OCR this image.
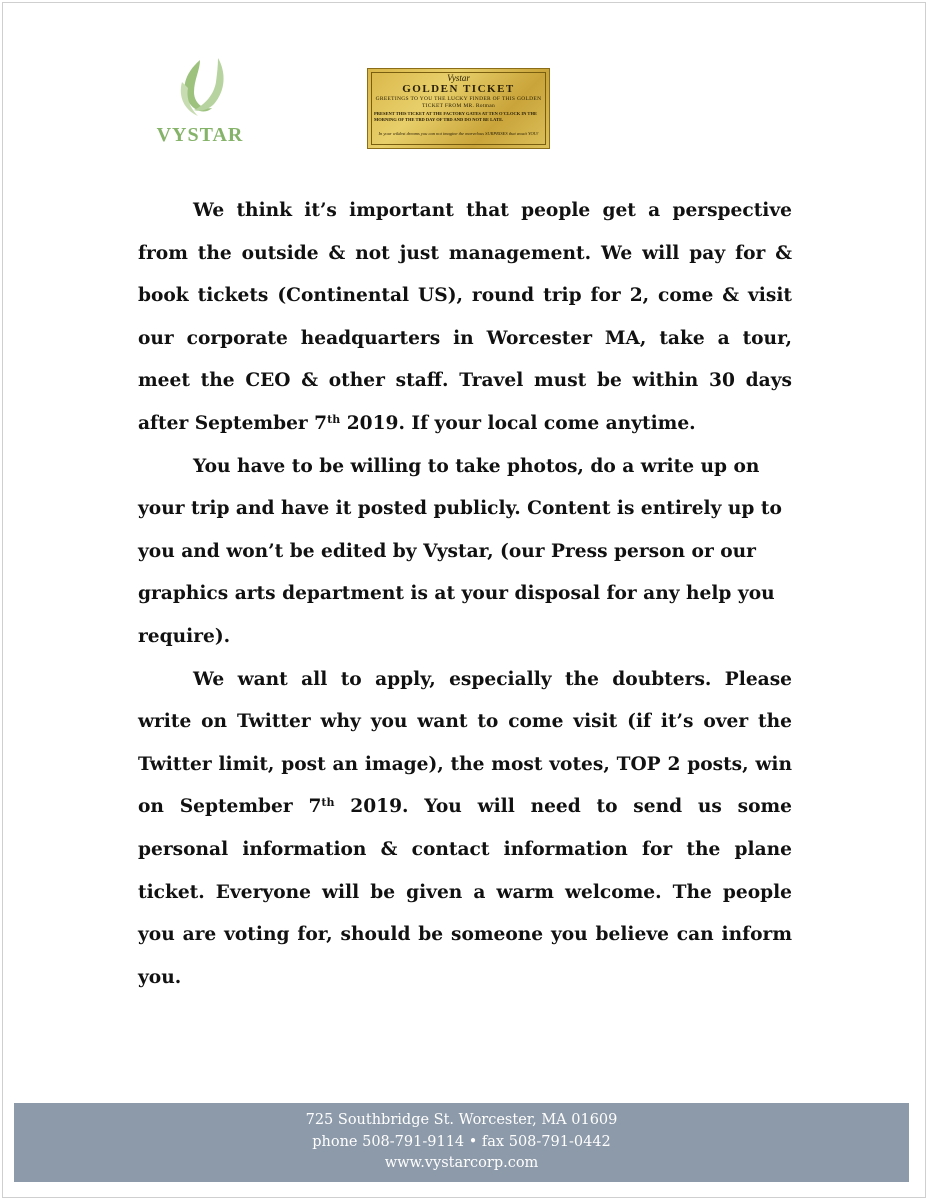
VYSTAR
Vystar
GOLDEN TICKET
GREETINGS TO YOU THE LUCKY FINDER OF THIS GOLDEN TICKET FROM MR. Rotman
PRESENT THIS TICKET AT THE FACTORY GATES AT TEN O'CLOCK IN THE MORNING OF THE TBD DAY OF TBD AND DO NOT BE LATE.
In your wildest dreams you can not imagine the marvelous SURPRISES that await YOU!

We think it’s important that people get a perspective from the outside & not just management. We will pay for & book tickets (Continental US), round trip for 2, come & visit our corporate headquarters in Worcester MA, take a tour, meet the CEO & other staff. Travel must be within 30 days after September 7th 2019. If your local come anytime.

You have to be willing to take photos, do a write up on your trip and have it posted publicly. Content is entirely up to you and won’t be edited by Vystar, (our Press person or our graphics arts department is at your disposal for any help you require).

We want all to apply, especially the doubters. Please write on Twitter why you want to come visit (if it’s over the Twitter limit, post an image), the most votes, TOP 2 posts, win on September 7th 2019. You will need to send us some personal information & contact information for the plane ticket. Everyone will be given a warm welcome. The people you are voting for, should be someone you believe can inform you.

725 Southbridge St. Worcester, MA 01609
phone 508-791-9114 • fax 508-791-0442
www.vystarcorp.com
